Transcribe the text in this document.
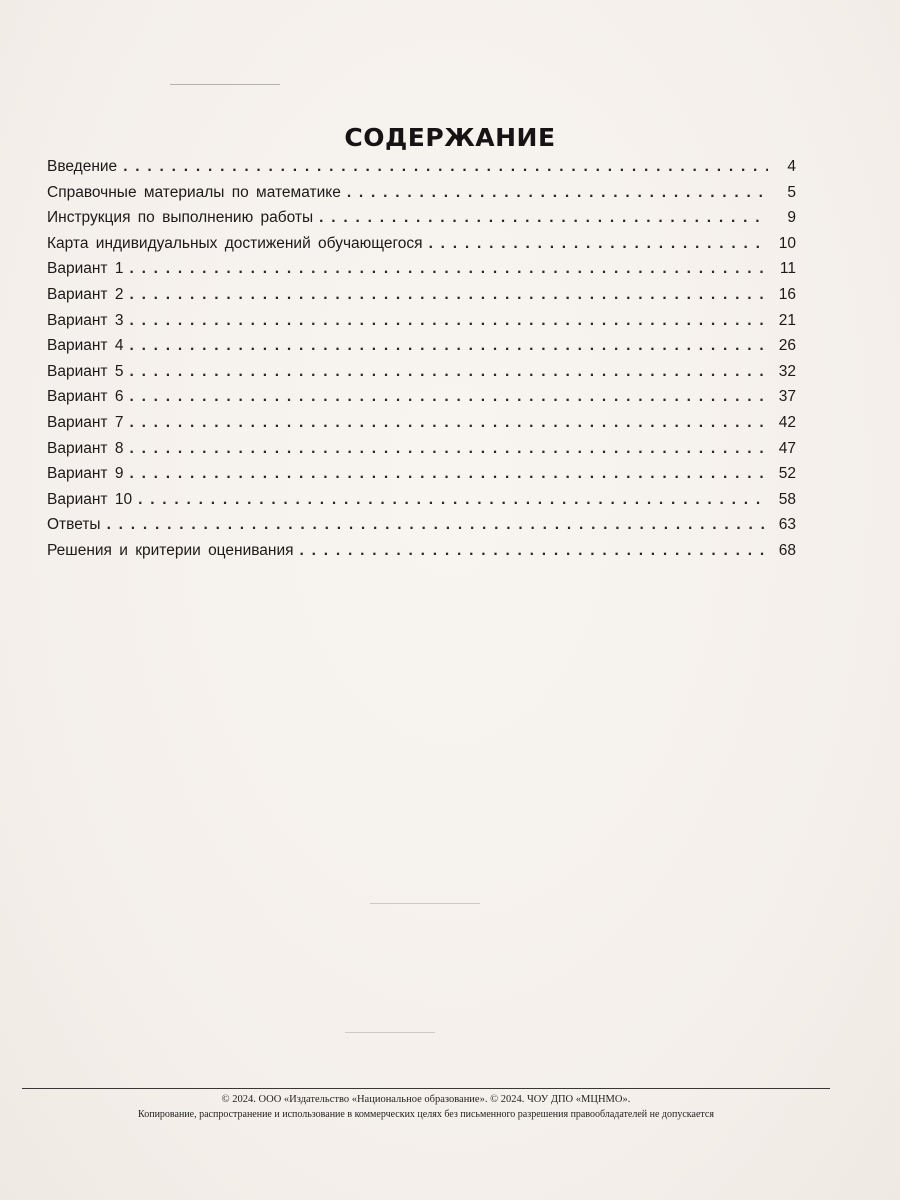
СОДЕРЖАНИЕ
Введение . . .	4
Справочные материалы по математике . . .	5
Инструкция по выполнению работы . . .	9
Карта индивидуальных достижений обучающегося . . .	10
Вариант 1 . . .	11
Вариант 2 . . .	16
Вариант 3 . . .	21
Вариант 4 . . .	26
Вариант 5 . . .	32
Вариант 6 . . .	37
Вариант 7 . . .	42
Вариант 8 . . .	47
Вариант 9 . . .	52
Вариант 10 . . .	58
Ответы . . .	63
Решения и критерии оценивания . . .	68
© 2024. ООО «Издательство «Национальное образование». © 2024. ЧОУ ДПО «МЦНМО».
Копирование, распространение и использование в коммерческих целях без письменного разрешения правообладателей не допускается
